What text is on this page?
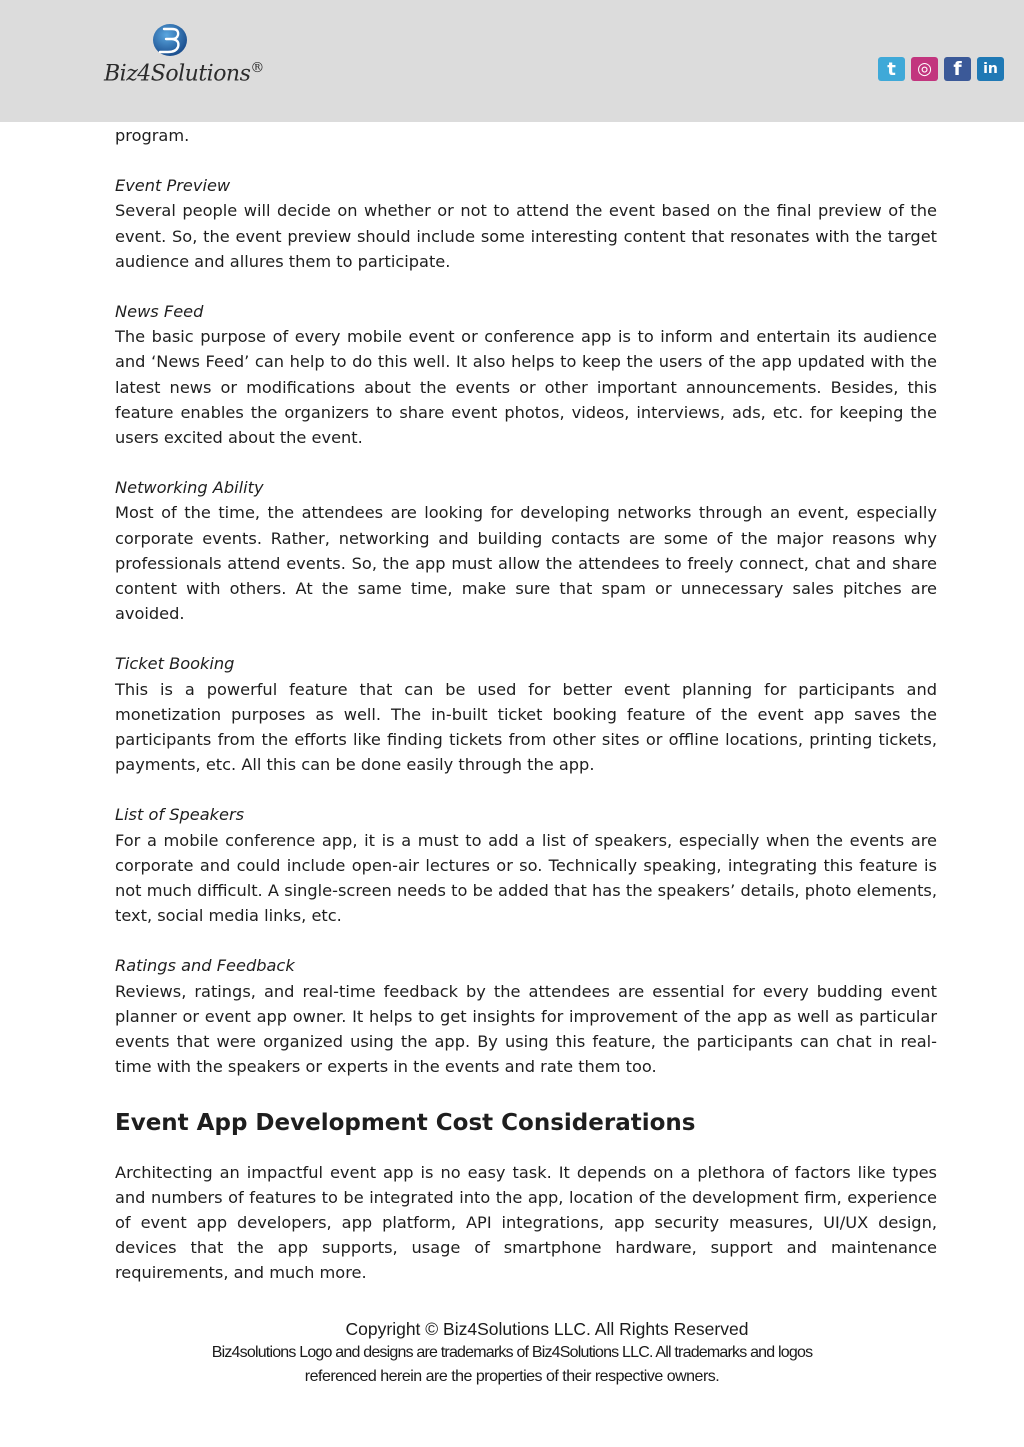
Biz4Solutions®	t	◎	f	in

program.

Event Preview

Several people will decide on whether or not to attend the event based on the final preview of the event. So, the event preview should include some interesting content that resonates with the target audience and allures them to participate.

News Feed

The basic purpose of every mobile event or conference app is to inform and entertain its audience and ‘News Feed’ can help to do this well. It also helps to keep the users of the app updated with the latest news or modifications about the events or other important announcements. Besides, this feature enables the organizers to share event photos, videos, interviews, ads, etc. for keeping the users excited about the event.

Networking Ability

Most of the time, the attendees are looking for developing networks through an event, especially corporate events. Rather, networking and building contacts are some of the major reasons why professionals attend events. So, the app must allow the attendees to freely connect, chat and share content with others. At the same time, make sure that spam or unnecessary sales pitches are avoided.

Ticket Booking

This is a powerful feature that can be used for better event planning for participants and monetization purposes as well. The in-built ticket booking feature of the event app saves the participants from the efforts like finding tickets from other sites or offline locations, printing tickets, payments, etc. All this can be done easily through the app.

List of Speakers

For a mobile conference app, it is a must to add a list of speakers, especially when the events are corporate and could include open-air lectures or so. Technically speaking, integrating this feature is not much difficult. A single-screen needs to be added that has the speakers’ details, photo elements, text, social media links, etc.

Ratings and Feedback

Reviews, ratings, and real-time feedback by the attendees are essential for every budding event planner or event app owner. It helps to get insights for improvement of the app as well as particular events that were organized using the app. By using this feature, the participants can chat in real-time with the speakers or experts in the events and rate them too.

Event App Development Cost Considerations

Architecting an impactful event app is no easy task. It depends on a plethora of factors like types and numbers of features to be integrated into the app, location of the development firm, experience of event app developers, app platform, API integrations, app security measures, UI/UX design, devices that the app supports, usage of smartphone hardware, support and maintenance requirements, and much more.

Copyright © Biz4Solutions LLC. All Rights Reserved
Biz4solutions Logo and designs are trademarks of Biz4Solutions LLC. All trademarks and logos
referenced herein are the properties of their respective owners.
